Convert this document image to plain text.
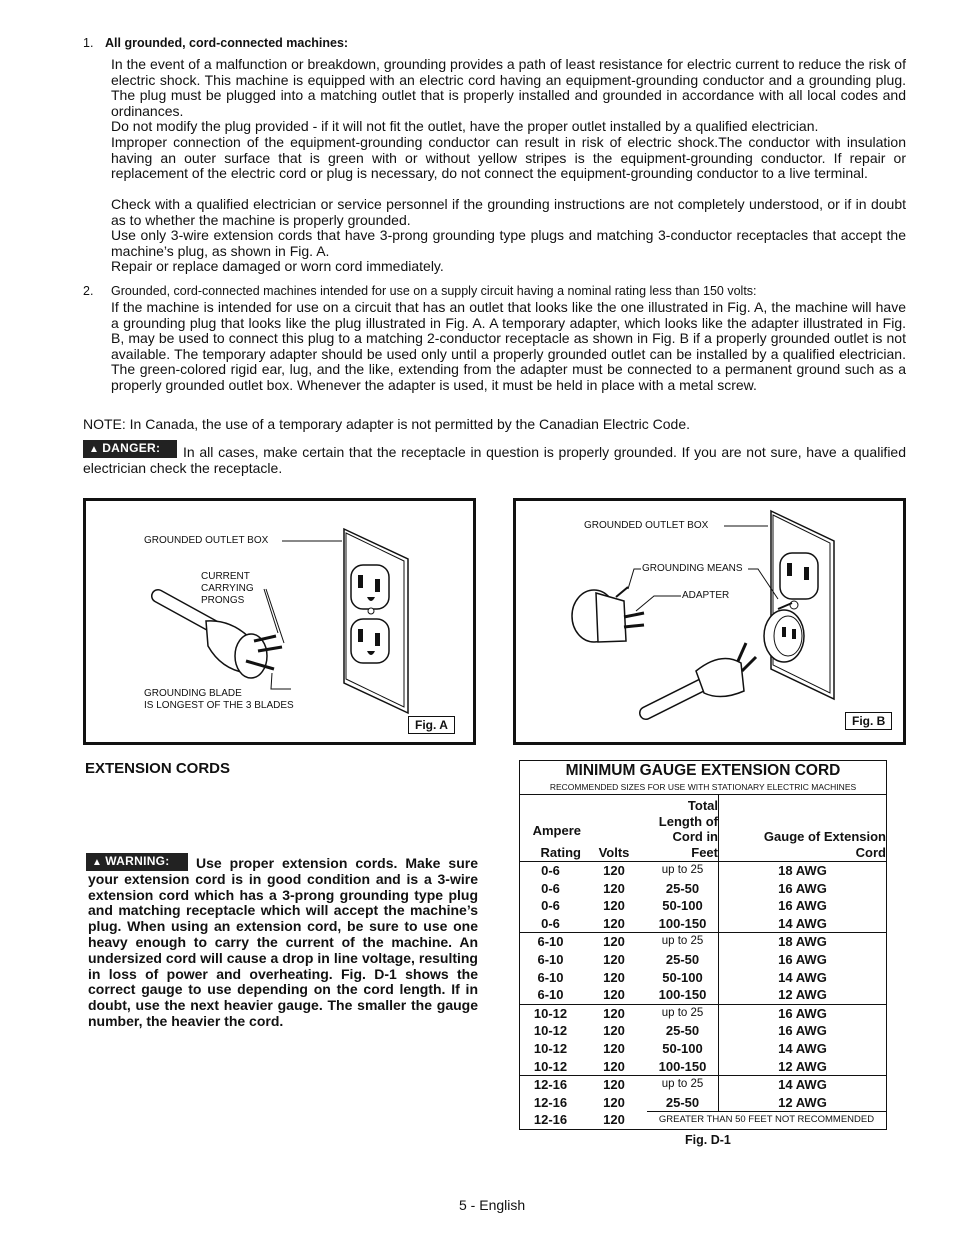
1. All grounded, cord-connected machines:

In the event of a malfunction or breakdown, grounding provides a path of least resistance for electric current to reduce the risk of electric shock. This machine is equipped with an electric cord having an equipment-grounding conductor and a grounding plug. The plug must be plugged into a matching outlet that is properly installed and grounded in accordance with all local codes and ordinances.

Do not modify the plug provided - if it will not fit the outlet, have the proper outlet installed by a qualified electrician.

Improper connection of the equipment-grounding conductor can result in risk of electric shock.The conductor with insulation having an outer surface that is green with or without yellow stripes is the equipment-grounding conductor. If repair or replacement of the electric cord or plug is necessary, do not connect the equipment-grounding conductor to a live terminal.

Check with a qualified electrician or service personnel if the grounding instructions are not completely understood, or if in doubt as to whether the machine is properly grounded.

Use only 3-wire extension cords that have 3-prong grounding type plugs and matching 3-conductor receptacles that accept the machine’s plug, as shown in Fig. A.

Repair or replace damaged or worn cord immediately.

2. Grounded, cord-connected machines intended for use on a supply circuit having a nominal rating less than 150 volts:

If the machine is intended for use on a circuit that has an outlet that looks like the one illustrated in Fig. A, the machine will have a grounding plug that looks like the plug illustrated in Fig. A. A temporary adapter, which looks like the adapter illustrated in Fig. B, may be used to connect this plug to a matching 2-conductor receptacle as shown in Fig. B if a properly grounded outlet is not available. The temporary adapter should be used only until a properly grounded outlet can be installed by a qualified electrician. The green-colored rigid ear, lug, and the like, extending from the adapter must be connected to a permanent ground such as a properly grounded outlet box. Whenever the adapter is used, it must be held in place with a metal screw.

NOTE: In Canada, the use of a temporary adapter is not permitted by the Canadian Electric Code.

In all cases, make certain that the receptacle in question is properly grounded. If you are not sure, have a qualified electrician check the receptacle.

▲ DANGER:
GROUNDED OUTLET BOX
CURRENT
CARRYING
PRONGS
GROUNDING BLADE
IS LONGEST OF THE 3 BLADES
Fig. A
GROUNDED OUTLET BOX
GROUNDING MEANS
ADAPTER
Fig. B
EXTENSION CORDS

Use proper extension cords. Make sure your extension cord is in good condition and is a 3-wire extension cord which has a 3-prong grounding type plug and matching receptacle which will accept the machine’s plug. When using an extension cord, be sure to use one heavy enough to carry the current of the machine. An undersized cord will cause a drop in line voltage, resulting in loss of power and overheating. Fig. D-1 shows the correct gauge to use depending on the cord length. If in doubt, use the next heavier gauge. The smaller the gauge number, the heavier the cord.

▲ WARNING:
MINIMUM GAUGE EXTENSION CORD
RECOMMENDED SIZES FOR USE WITH STATIONARY ELECTRIC MACHINES
Ampere
Rating	Volts
Total
Length of
Cord in
Feet
Gauge of Extension
Cord
0-6	120	up to 25	18 AWG
0-6	120	25-50	16 AWG
0-6	120	50-100	16 AWG
0-6	120	100-150	14 AWG
6-10	120	up to 25	18 AWG
6-10	120	25-50	16 AWG
6-10	120	50-100	14 AWG
6-10	120	100-150	12 AWG
10-12	120	up to 25	16 AWG
10-12	120	25-50	16 AWG
10-12	120	50-100	14 AWG
10-12	120	100-150	12 AWG
12-16	120	up to 25	14 AWG
12-16	120	25-50	12 AWG
12-16	120	GREATER THAN 50 FEET NOT RECOMMENDED
Fig. D-1
5 - English
